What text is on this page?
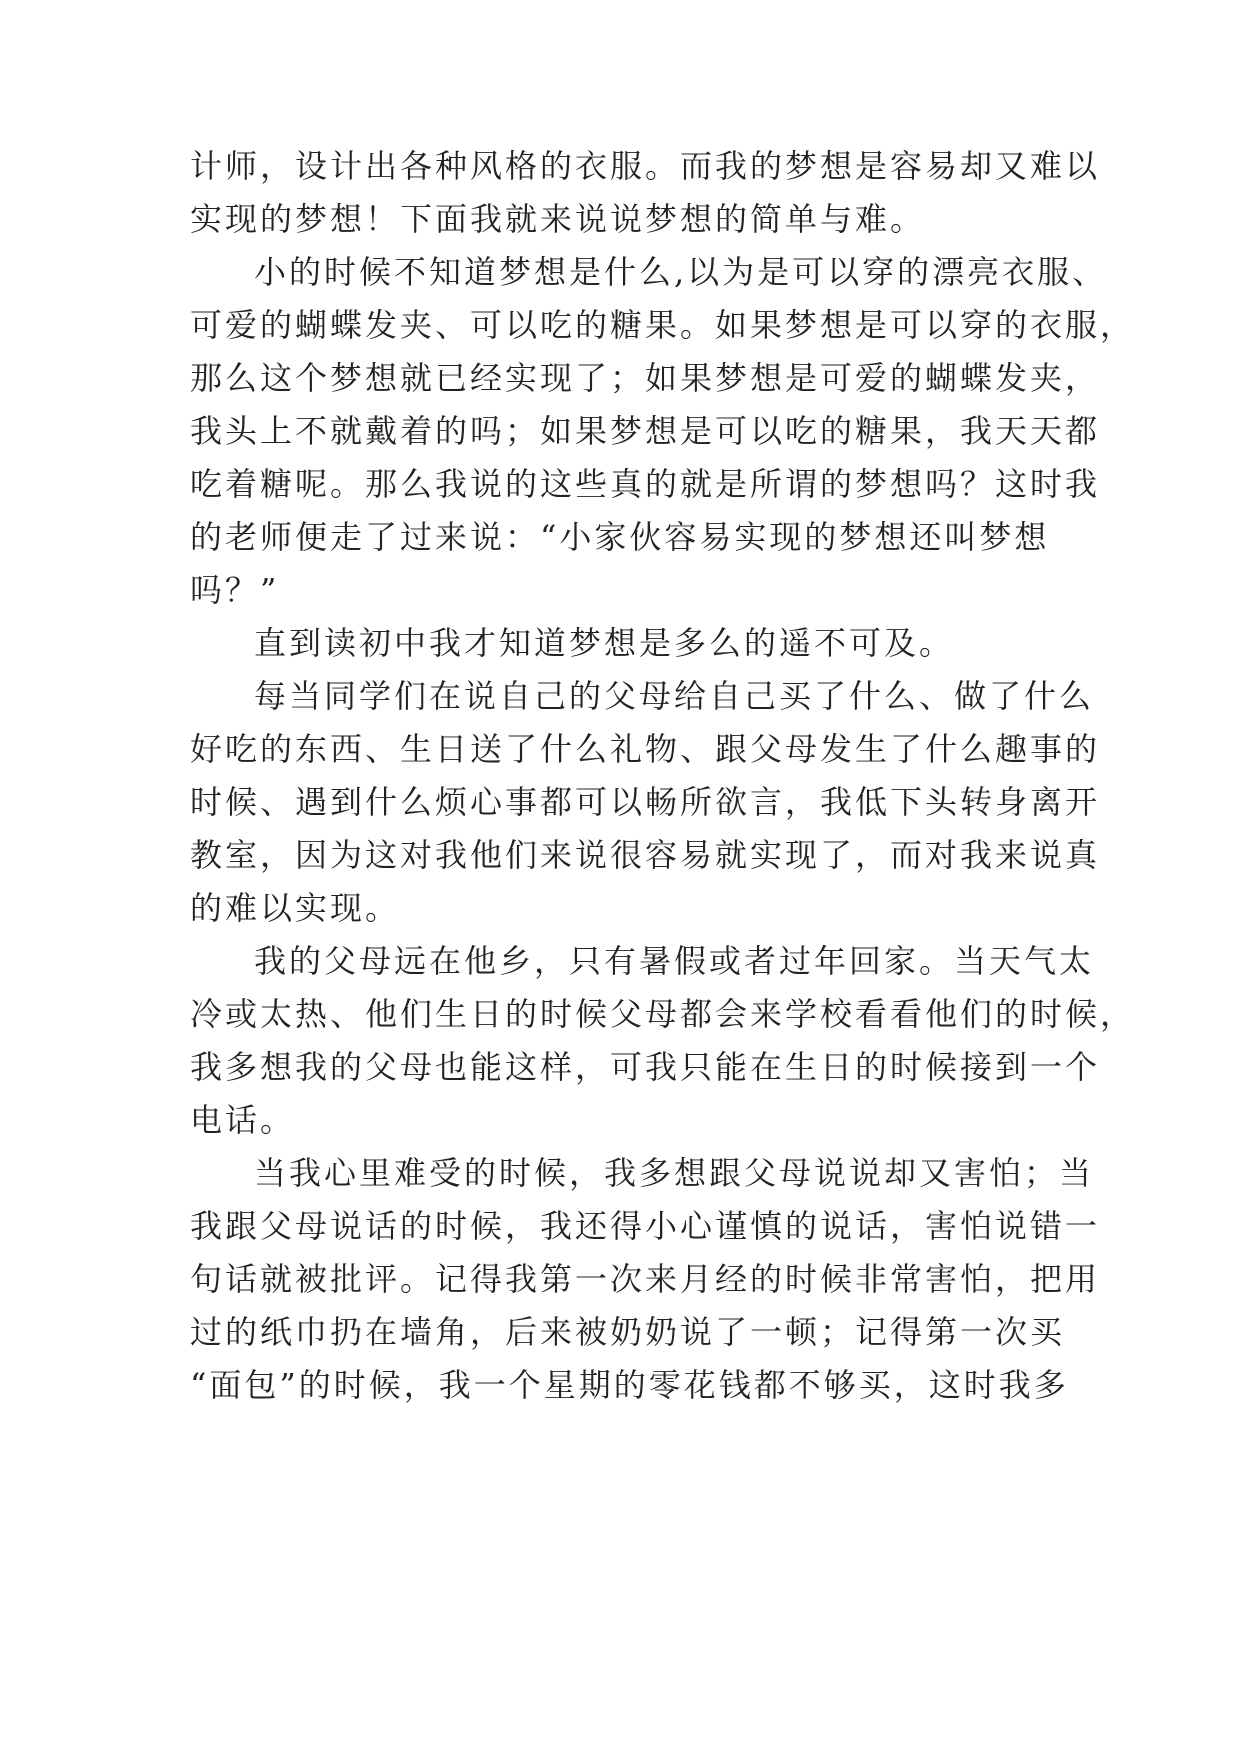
计师，设计出各种风格的衣服。而我的梦想是容易却又难以
实现的梦想！下面我就来说说梦想的简单与难。
小的时候不知道梦想是什么,以为是可以穿的漂亮衣服、
可爱的蝴蝶发夹、可以吃的糖果。如果梦想是可以穿的衣服，
那么这个梦想就已经实现了；如果梦想是可爱的蝴蝶发夹，
我头上不就戴着的吗；如果梦想是可以吃的糖果，我天天都
吃着糖呢。那么我说的这些真的就是所谓的梦想吗？这时我
的老师便走了过来说：“小家伙容易实现的梦想还叫梦想
吗？”
直到读初中我才知道梦想是多么的遥不可及。
每当同学们在说自己的父母给自己买了什么、做了什么
好吃的东西、生日送了什么礼物、跟父母发生了什么趣事的
时候、遇到什么烦心事都可以畅所欲言，我低下头转身离开
教室，因为这对我他们来说很容易就实现了，而对我来说真
的难以实现。
我的父母远在他乡，只有暑假或者过年回家。当天气太
冷或太热、他们生日的时候父母都会来学校看看他们的时候，
我多想我的父母也能这样，可我只能在生日的时候接到一个
电话。
当我心里难受的时候，我多想跟父母说说却又害怕；当
我跟父母说话的时候，我还得小心谨慎的说话，害怕说错一
句话就被批评。记得我第一次来月经的时候非常害怕，把用
过的纸巾扔在墙角，后来被奶奶说了一顿；记得第一次买
“面包”的时候，我一个星期的零花钱都不够买，这时我多
